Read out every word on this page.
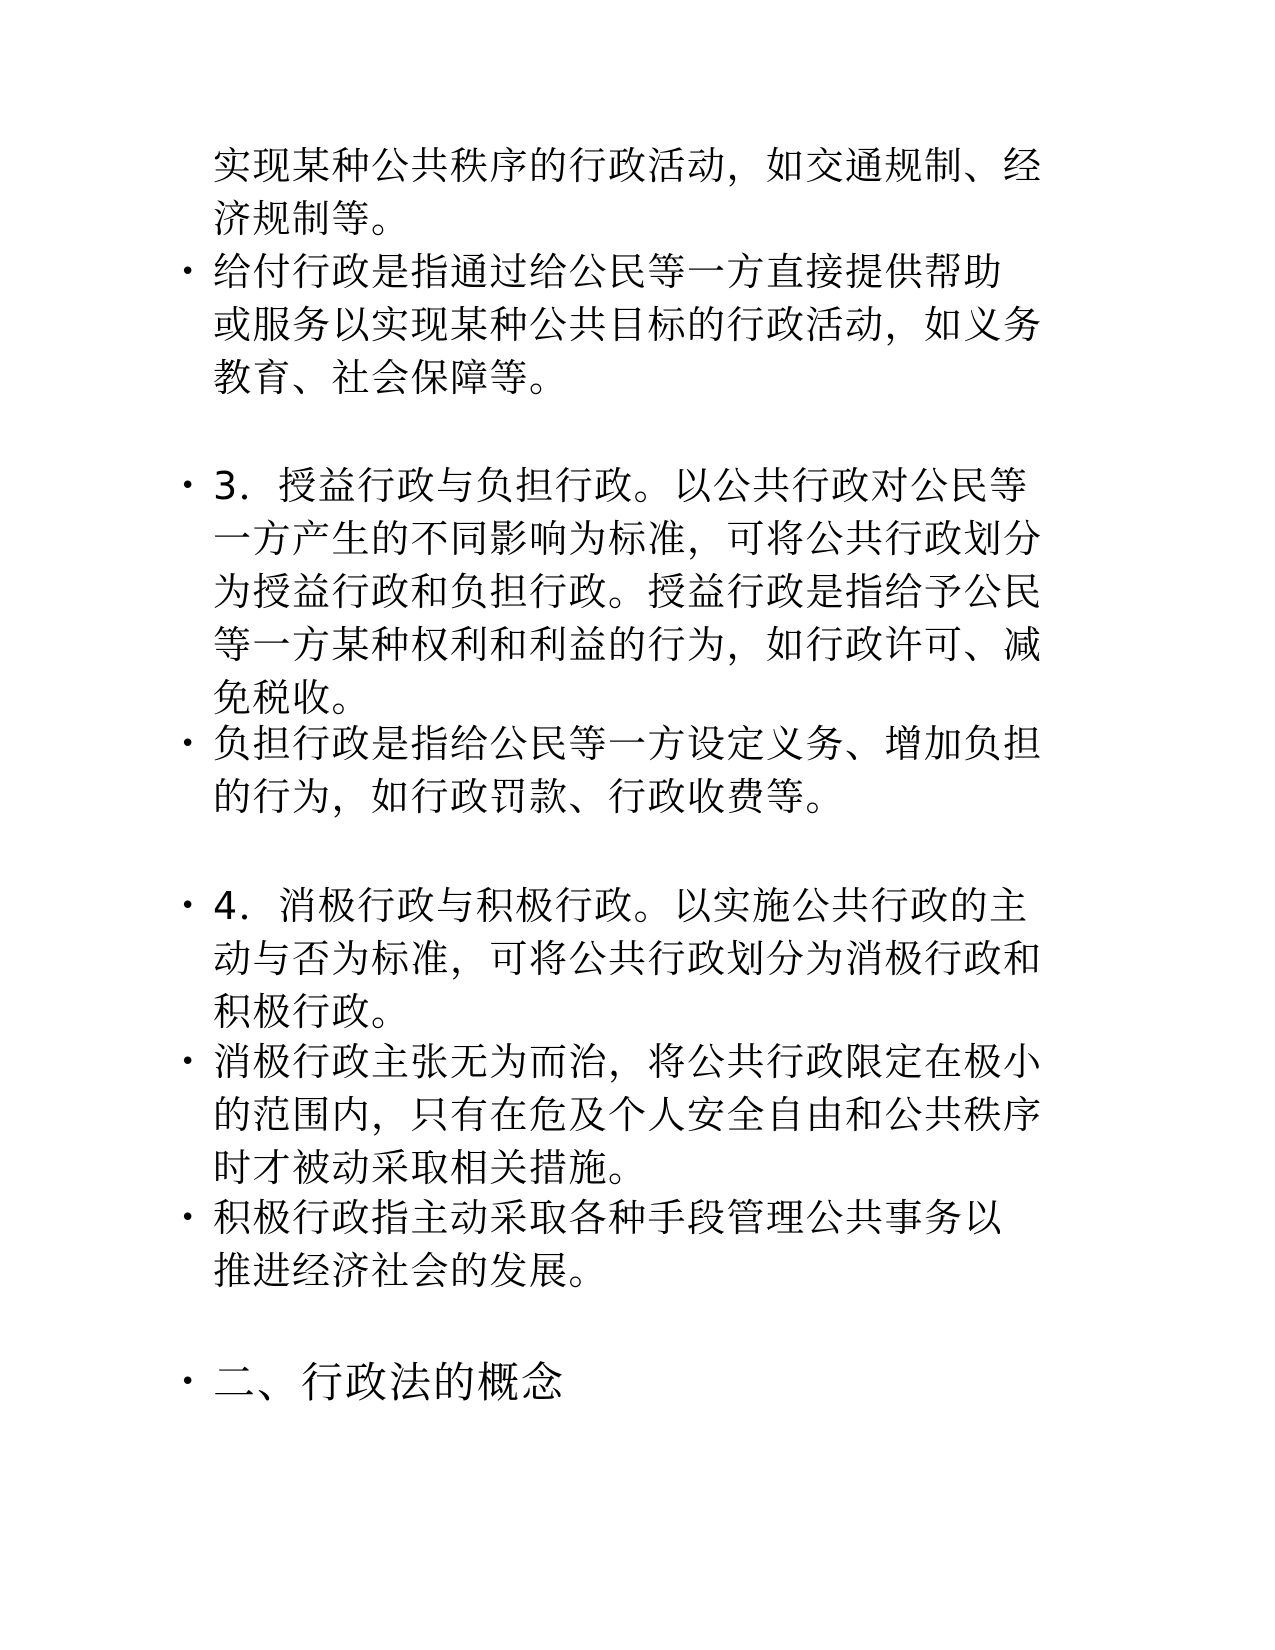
实现某种公共秩序的行政活动，如交通规制、经
济规制等。
• 给付行政是指通过给公民等一方直接提供帮助
或服务以实现某种公共目标的行政活动，如义务
教育、社会保障等。
• 3．授益行政与负担行政。以公共行政对公民等
一方产生的不同影响为标准，可将公共行政划分
为授益行政和负担行政。授益行政是指给予公民
等一方某种权利和利益的行为，如行政许可、减
免税收。
• 负担行政是指给公民等一方设定义务、增加负担
的行为，如行政罚款、行政收费等。
• 4．消极行政与积极行政。以实施公共行政的主
动与否为标准，可将公共行政划分为消极行政和
积极行政。
• 消极行政主张无为而治，将公共行政限定在极小
的范围内，只有在危及个人安全自由和公共秩序
时才被动采取相关措施。
• 积极行政指主动采取各种手段管理公共事务以
推进经济社会的发展。
• 二、行政法的概念
